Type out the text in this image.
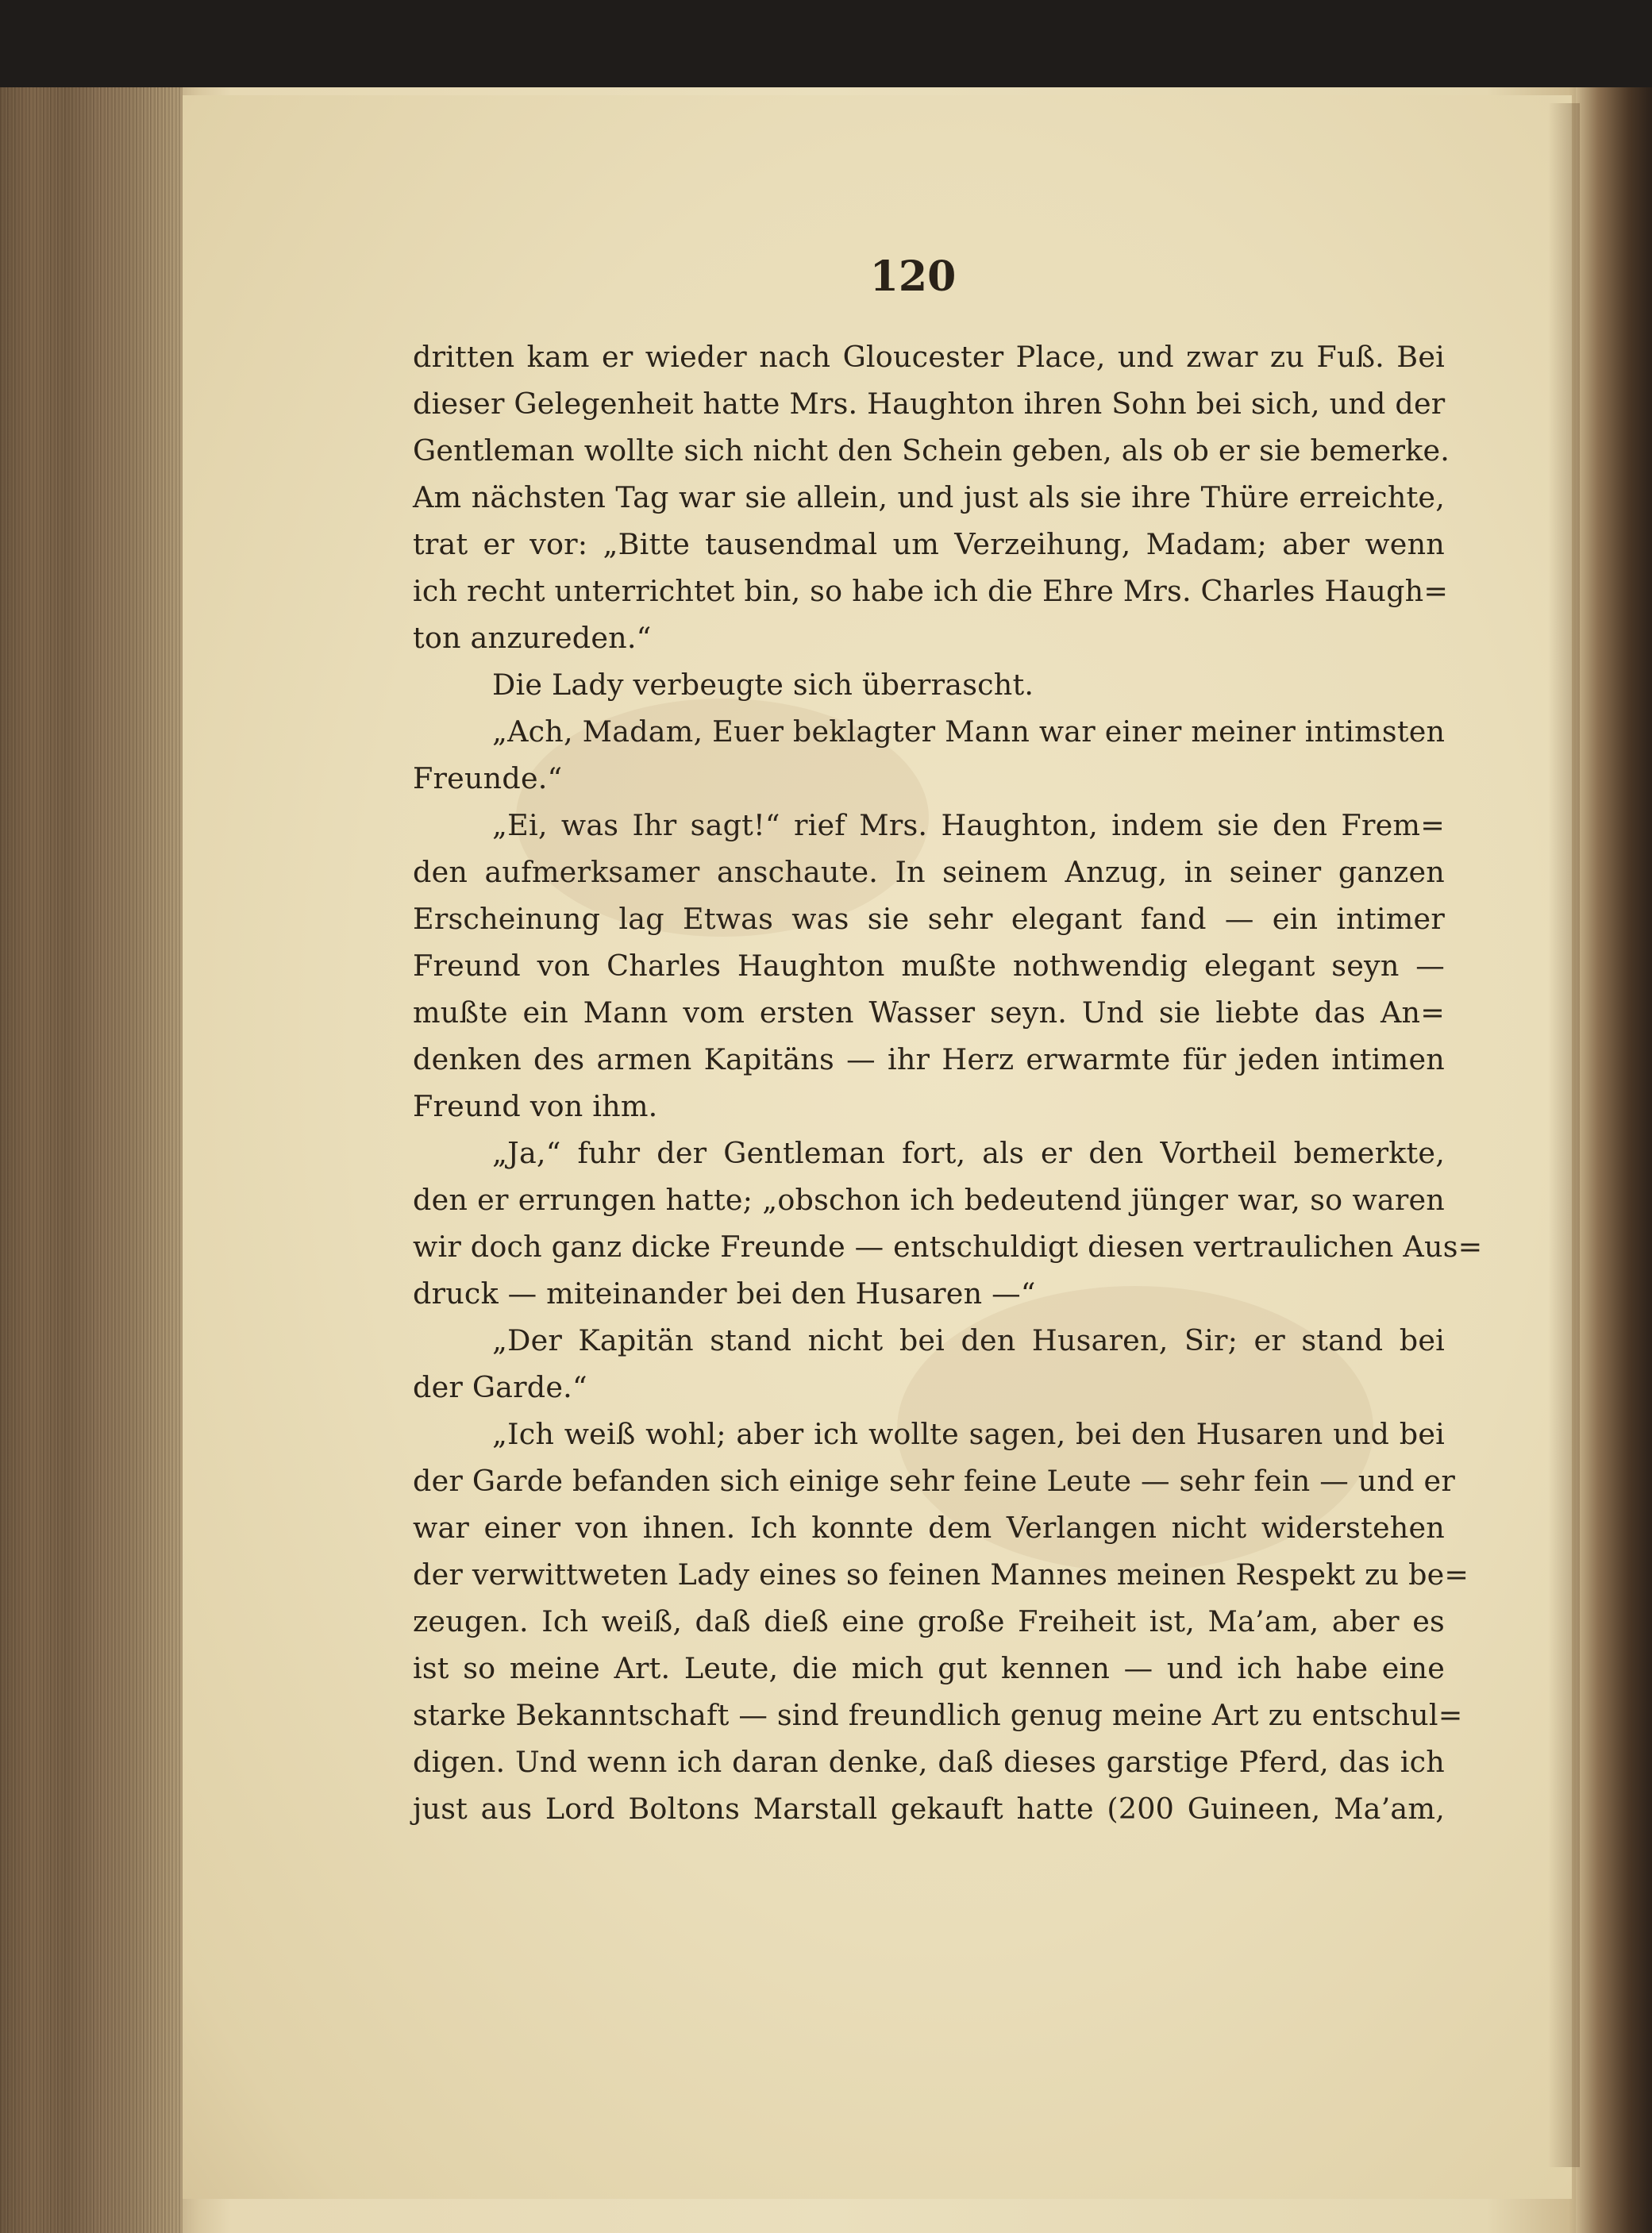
120
dritten kam er wieder nach Gloucester Place, und zwar zu Fuß. Bei
dieser Gelegenheit hatte Mrs. Haughton ihren Sohn bei sich, und der
Gentleman wollte sich nicht den Schein geben, als ob er sie bemerke.
Am nächsten Tag war sie allein, und just als sie ihre Thüre erreichte,
trat er vor: „Bitte tausendmal um Verzeihung, Madam; aber wenn
ich recht unterrichtet bin, so habe ich die Ehre Mrs. Charles Haugh=
ton anzureden.“
Die Lady verbeugte sich überrascht.
„Ach, Madam, Euer beklagter Mann war einer meiner intimsten
Freunde.“
„Ei, was Ihr sagt!“ rief Mrs. Haughton, indem sie den Frem=
den aufmerksamer anschaute. In seinem Anzug, in seiner ganzen
Erscheinung lag Etwas was sie sehr elegant fand — ein intimer
Freund von Charles Haughton mußte nothwendig elegant seyn —
mußte ein Mann vom ersten Wasser seyn. Und sie liebte das An=
denken des armen Kapitäns — ihr Herz erwarmte für jeden intimen
Freund von ihm.
„Ja,“ fuhr der Gentleman fort, als er den Vortheil bemerkte,
den er errungen hatte; „obschon ich bedeutend jünger war, so waren
wir doch ganz dicke Freunde — entschuldigt diesen vertraulichen Aus=
druck — miteinander bei den Husaren —“
„Der Kapitän stand nicht bei den Husaren, Sir; er stand bei
der Garde.“
„Ich weiß wohl; aber ich wollte sagen, bei den Husaren und bei
der Garde befanden sich einige sehr feine Leute — sehr fein — und er
war einer von ihnen. Ich konnte dem Verlangen nicht widerstehen
der verwittweten Lady eines so feinen Mannes meinen Respekt zu be=
zeugen. Ich weiß, daß dieß eine große Freiheit ist, Ma’am, aber es
ist so meine Art. Leute, die mich gut kennen — und ich habe eine
starke Bekanntschaft — sind freundlich genug meine Art zu entschul=
digen. Und wenn ich daran denke, daß dieses garstige Pferd, das ich
just aus Lord Boltons Marstall gekauft hatte (200 Guineen, Ma’am,
